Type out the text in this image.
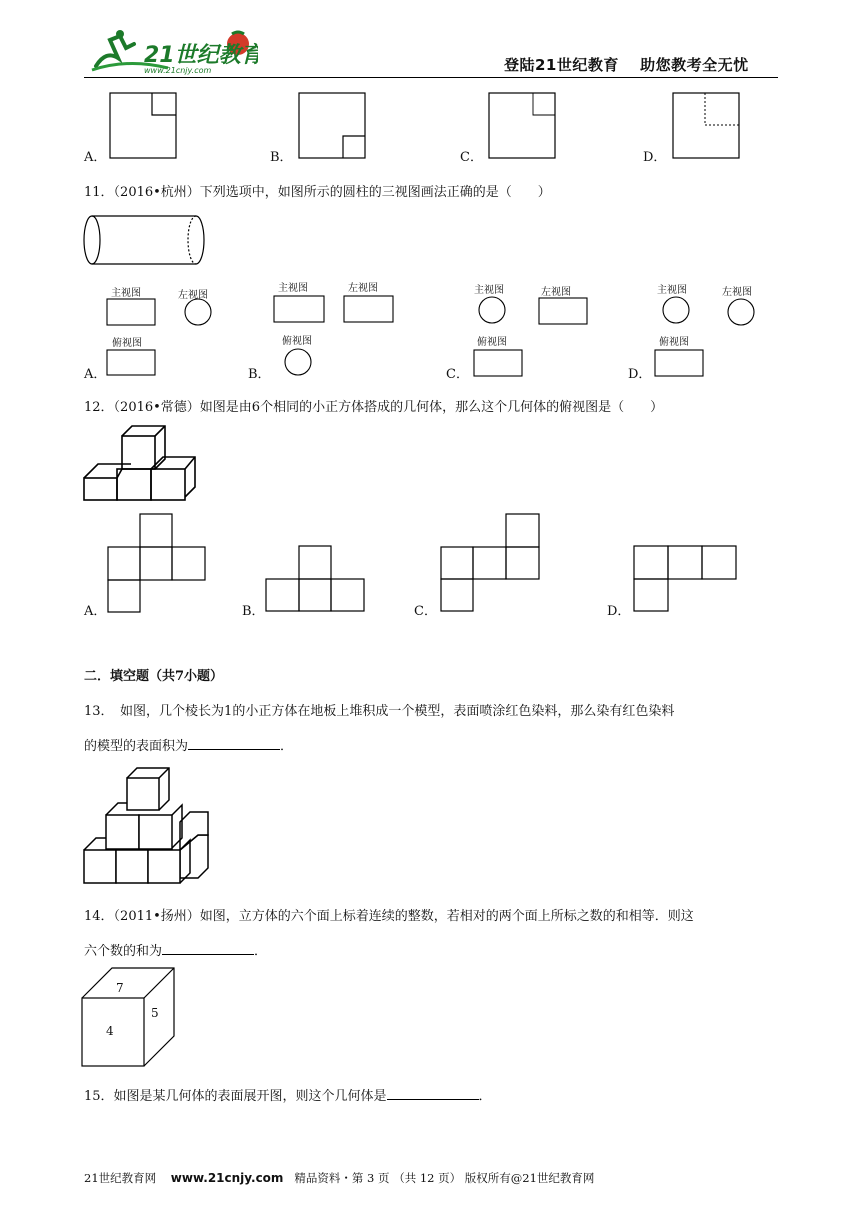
21世纪教育
www.21cnjy.com	登陆21世纪教育　 助您教考全无忧
A．	B．	C．	D．
11．（2016•杭州）下列选项中，如图所示的圆柱的三视图画法正确的是（　　）
主视图	左视图
俯视图
主视图	左视图
俯视图
主视图	左视图
俯视图
主视图	左视图
俯视图
A．	B．	C．	D．
12．（2016•常德）如图是由6个相同的小正方体搭成的几何体，那么这个几何体的俯视图是（　　）
A．	B．	C．	D．
二．填空题（共7小题）
13．　如图，几个棱长为1的小正方体在地板上堆积成一个模型，表面喷涂红色染料，那么染有红色染料
的模型的表面积为	．
14．（2011•扬州）如图，立方体的六个面上标着连续的整数，若相对的两个面上所标之数的和相等．则这
六个数的和为	．
7
4
5
15．如图是某几何体的表面展开图，则这个几何体是	．
21世纪教育网 www.21cnjy.com 精品资料・第 3 页 （共 12 页） 版权所有@21世纪教育网
